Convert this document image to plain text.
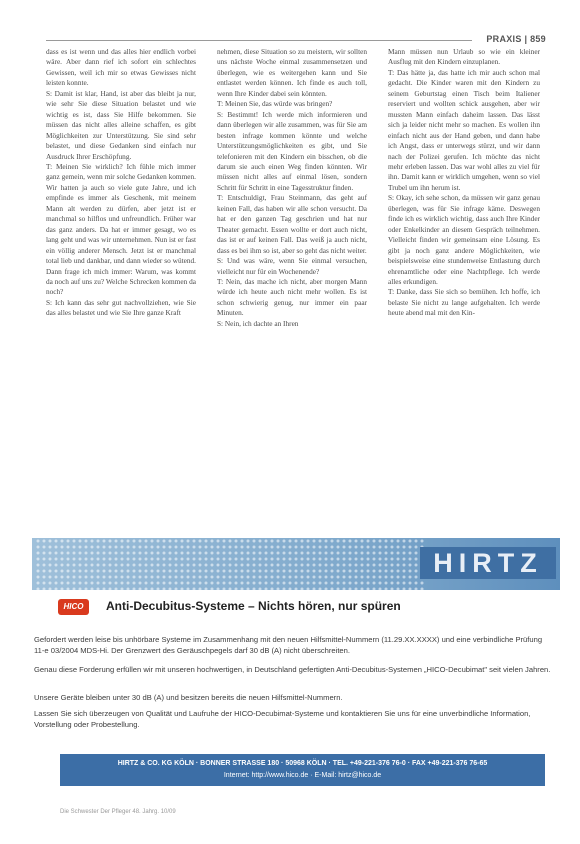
PRAXIS | 859

dass es ist wenn und das alles hier endlich vorbei wäre. Aber dann rief ich sofort ein schlechtes Gewissen, weil ich mir so etwas Gewisses nicht leisten konnte.

S: Damit ist klar, Hand, ist aber das bleibt ja nur, wie sehr Sie diese Situation belastet und wie wichtig es ist, dass Sie Hilfe bekommen. Sie müssen das nicht alles alleine schaffen, es gibt Möglichkeiten zur Unterstützung. Sie sind sehr belastet, und diese Gedanken sind einfach nur Ausdruck Ihrer Erschöpfung.

T: Meinen Sie wirklich? Ich fühle mich immer ganz gemein, wenn mir solche Gedanken kommen. Wir hatten ja auch so viele gute Jahre, und ich empfinde es immer als Geschenk, mit meinem Mann alt werden zu dürfen, aber jetzt ist er manchmal so hilflos und unfreundlich. Früher war das ganz anders. Da hat er immer gesagt, wo es lang geht und was wir unternehmen. Nun ist er fast ein völlig anderer Mensch. Jetzt ist er manchmal total lieb und dankbar, und dann wieder so wütend. Dann frage ich mich immer: Warum, was kommt da noch auf uns zu? Welche Schrecken kommen da noch?

S: Ich kann das sehr gut nachvollziehen, wie Sie das alles belastet und wie Sie Ihre ganze Kraft

nehmen, diese Situation so zu meistern, wir sollten uns nächste Woche einmal zusammensetzen und überlegen, wie es weitergehen kann und Sie entlastet werden können. Ich finde es auch toll, wenn Ihre Kinder dabei sein könnten.

T: Meinen Sie, das würde was bringen?

S: Bestimmt! Ich werde mich informieren und dann überlegen wir alle zusammen, was für Sie am besten infrage kommen könnte und welche Unterstützungsmöglichkeiten es gibt, und Sie telefonieren mit den Kindern ein bisschen, ob die darum sie auch einen Weg finden könnten. Wir müssen nicht alles auf einmal lösen, sondern Schritt für Schritt in eine Tagesstruktur finden.

T: Entschuldigt, Frau Steinmann, das geht auf keinen Fall, das haben wir alle schon versucht. Da hat er den ganzen Tag geschrien und hat nur Theater gemacht. Essen wollte er dort auch nicht, das ist er auf keinen Fall. Das weiß ja auch nicht, dass es bei ihm so ist, aber so geht das nicht weiter.

S: Und was wäre, wenn Sie einmal versuchen, vielleicht nur für ein Wochenende?

T: Nein, das mache ich nicht, aber morgen Mann würde ich heute auch nicht mehr wollen. Es ist schon schwierig genug, nur immer ein paar Minuten.

S: Nein, ich dachte an Ihren

Mann müssen nun Urlaub so wie ein kleiner Ausflug mit den Kindern einzuplanen.

T: Das hätte ja, das hatte ich mir auch schon mal gedacht. Die Kinder waren mit den Kindern zu seinem Geburtstag einen Tisch beim Italiener reserviert und wollten schick ausgehen, aber wir mussten Mann einfach daheim lassen. Das lässt sich ja leider nicht mehr so machen. Es wollen ihn einfach nicht aus der Hand geben, und dann habe ich Angst, dass er unterwegs stürzt, und wir dann nach der Polizei gerufen. Ich möchte das nicht mehr erleben lassen. Das war wohl alles zu viel für ihn. Damit kann er wirklich umgehen, wenn so viel Trubel um ihn herum ist.

S: Okay, ich sehe schon, da müssen wir ganz genau überlegen, was für Sie infrage käme. Deswegen finde ich es wirklich wichtig, dass auch Ihre Kinder oder Enkelkinder an diesem Gespräch teilnehmen. Vielleicht finden wir gemeinsam eine Lösung. Es gibt ja noch ganz andere Möglichkeiten, wie beispielsweise eine stundenweise Entlastung durch ehrenamtliche oder eine Nachtpflege. Ich werde alles erkundigen.

T: Danke, dass Sie sich so bemühen. Ich hoffe, ich belaste Sie nicht zu lange aufgehalten. Ich werde heute abend mal mit den Kin-

HIRTZ
HICO	Anti-Decubitus-Systeme – Nichts hören, nur spüren

Gefordert werden leise bis unhörbare Systeme im Zusammenhang mit den neuen Hilfsmittel-Nummern (11.29.XX.XXXX) und eine verbindliche Prüfung 11-e 03/2004 MDS-Hi. Der Grenzwert des Geräuschpegels darf 30 dB (A) nicht überschreiten.

Genau diese Forderung erfüllen wir mit unseren hochwertigen, in Deutschland gefertigten Anti-Decubitus-Systemen „HICO-Decubimat" seit vielen Jahren.

Unsere Geräte bleiben unter 30 dB (A) und besitzen bereits die neuen Hilfsmittel-Nummern.

Lassen Sie sich überzeugen von Qualität und Laufruhe der HICO-Decubimat-Systeme und kontaktieren Sie uns für eine unverbindliche Information, Vorstellung oder Probestellung.

HIRTZ & CO. KG KÖLN · BONNER STRASSE 180 · 50968 KÖLN · TEL. +49-221-376 76-0 · FAX +49-221-376 76-65
Internet: http://www.hico.de · E-Mail: hirtz@hico.de
Die Schwester Der Pfleger 48. Jahrg. 10/09
